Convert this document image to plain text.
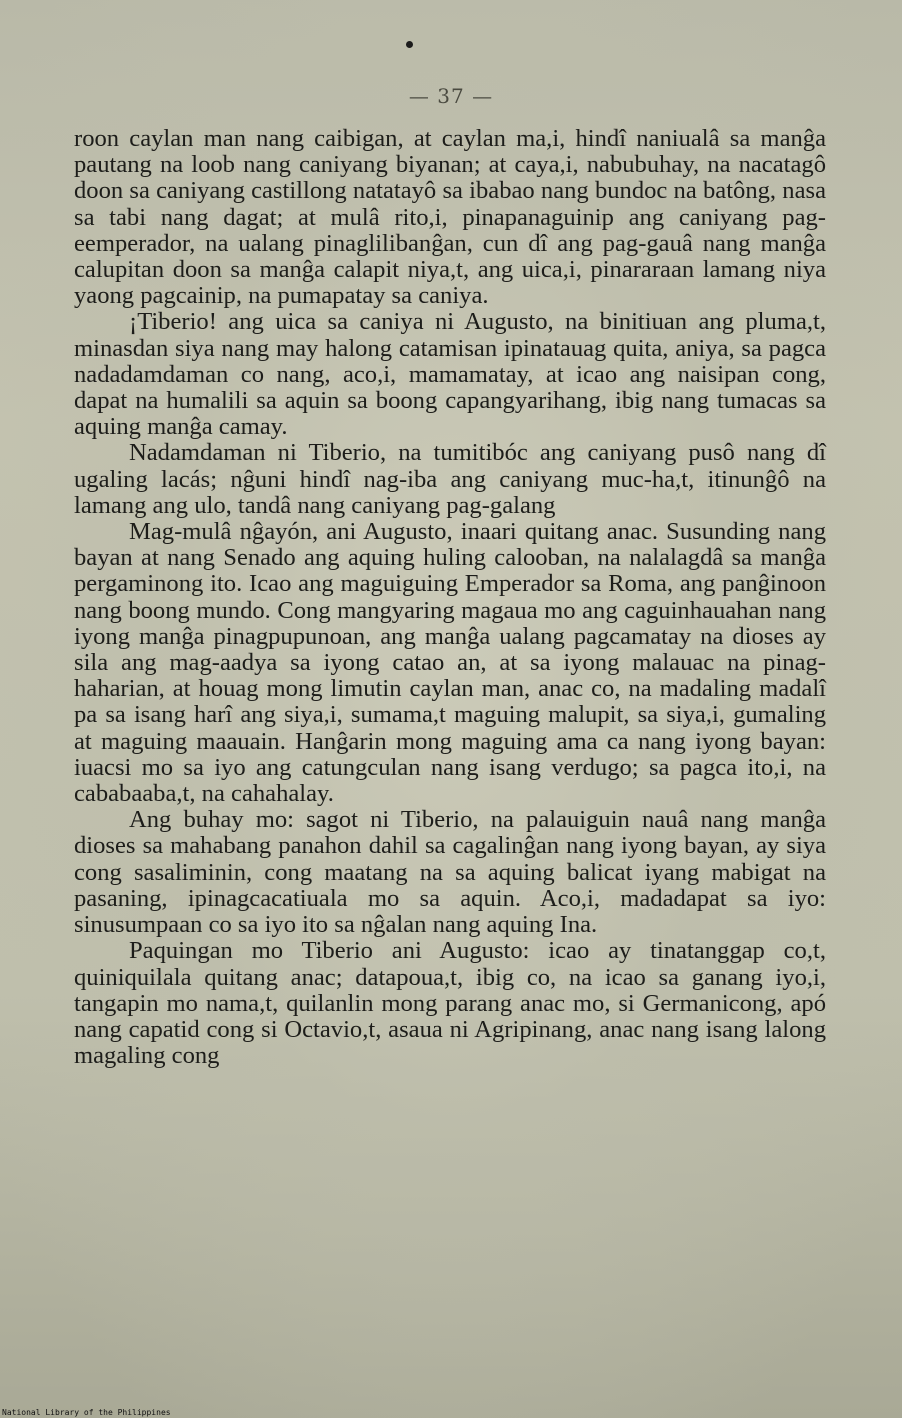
— 37 —

roon caylan man nang caibigan, at caylan ma,i, hindî naniualâ sa manĝa pautang na loob nang caniyang biyanan; at caya,i, nabubuhay, na nacatagô doon sa caniyang castillong natatayô sa ibabao nang bundoc na batông, nasa sa tabi nang dagat; at mulâ rito,i, pinapanaguinip ang caniyang pag-eemperador, na ualang pinaglilibanĝan, cun dî ang pag-gauâ nang manĝa calupitan doon sa manĝa calapit niya,t, ang uica,i, pinararaan lamang niya yaong pagcainip, na pumapatay sa caniya.

¡Tiberio! ang uica sa caniya ni Augusto, na binitiuan ang pluma,t, minasdan siya nang may halong catamisan ipinatauag quita, aniya, sa pagca nadadamdaman co nang, aco,i, mamamatay, at icao ang naisipan cong, dapat na humalili sa aquin sa boong capangyarihang, ibig nang tumacas sa aquing manĝa camay.

Nadamdaman ni Tiberio, na tumitibóc ang caniyang pusô nang dî ugaling lacás; nĝuni hindî nag-iba ang caniyang muc-ha,t, itinunĝô na lamang ang ulo, tandâ nang caniyang pag-galang

Mag-mulâ nĝayón, ani Augusto, inaari quitang anac. Susunding nang bayan at nang Senado ang aquing huling calooban, na nalalagdâ sa manĝa pergaminong ito. Icao ang maguiguing Emperador sa Roma, ang panĝinoon nang boong mundo. Cong mangyaring magaua mo ang caguinhauahan nang iyong manĝa pinagpupunoan, ang manĝa ualang pagcamatay na dioses ay sila ang mag-aadya sa iyong catao an, at sa iyong malauac na pinag-haharian, at houag mong limutin caylan man, anac co, na madaling madalî pa sa isang harî ang siya,i, sumama,t maguing malupit, sa siya,i, gumaling at maguing maauain. Hanĝarin mong maguing ama ca nang iyong bayan: iuacsi mo sa iyo ang catungculan nang isang verdugo; sa pagca ito,i, na cababaaba,t, na cahahalay.

Ang buhay mo: sagot ni Tiberio, na palauiguin nauâ nang manĝa dioses sa mahabang panahon dahil sa cagalinĝan nang iyong bayan, ay siya cong sasaliminin, cong maatang na sa aquing balicat iyang mabigat na pasaning, ipinagcacatiuala mo sa aquin. Aco,i, madadapat sa iyo: sinusumpaan co sa iyo ito sa nĝalan nang aquing Ina.

Paquingan mo Tiberio ani Augusto: icao ay tinatanggap co,t, quiniquilala quitang anac; datapoua,t, ibig co, na icao sa ganang iyo,i, tangapin mo nama,t, quilanlin mong parang anac mo, si Germanicong, apó nang capatid cong si Octavio,t, asaua ni Agripinang, anac nang isang lalong magaling cong

National Library of the Philippines
